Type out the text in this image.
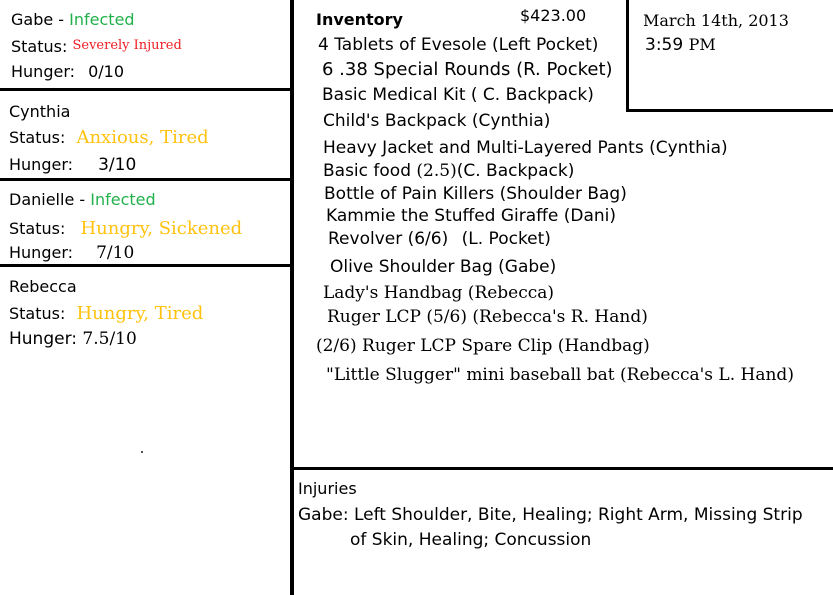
Gabe - Infected
Status: Severely Injured
Hunger: 0/10
Cynthia
Status: Anxious, Tired
Hunger: 3/10
Danielle - Infected
Status: Hungry, Sickened
Hunger: 7/10
Rebecca
Status: Hungry, Tired
Hunger: 7.5/10
Inventory	$423.00
4 Tablets of Evesole (Left Pocket)
6 .38 Special Rounds (R. Pocket)
Basic Medical Kit ( C. Backpack)
Child's Backpack (Cynthia)
Heavy Jacket and Multi-Layered Pants (Cynthia)
Basic food (2.5)(C. Backpack)
Bottle of Pain Killers (Shoulder Bag)
Kammie the Stuffed Giraffe (Dani)
Revolver (6/6) (L. Pocket)
Olive Shoulder Bag (Gabe)
Lady's Handbag (Rebecca)
Ruger LCP (5/6) (Rebecca's R. Hand)
(2/6) Ruger LCP Spare Clip (Handbag)
"Little Slugger" mini baseball bat (Rebecca's L. Hand)
March 14th, 2013
3:59 PM
Injuries
Gabe: Left Shoulder, Bite, Healing; Right Arm, Missing Strip
of Skin, Healing; Concussion
